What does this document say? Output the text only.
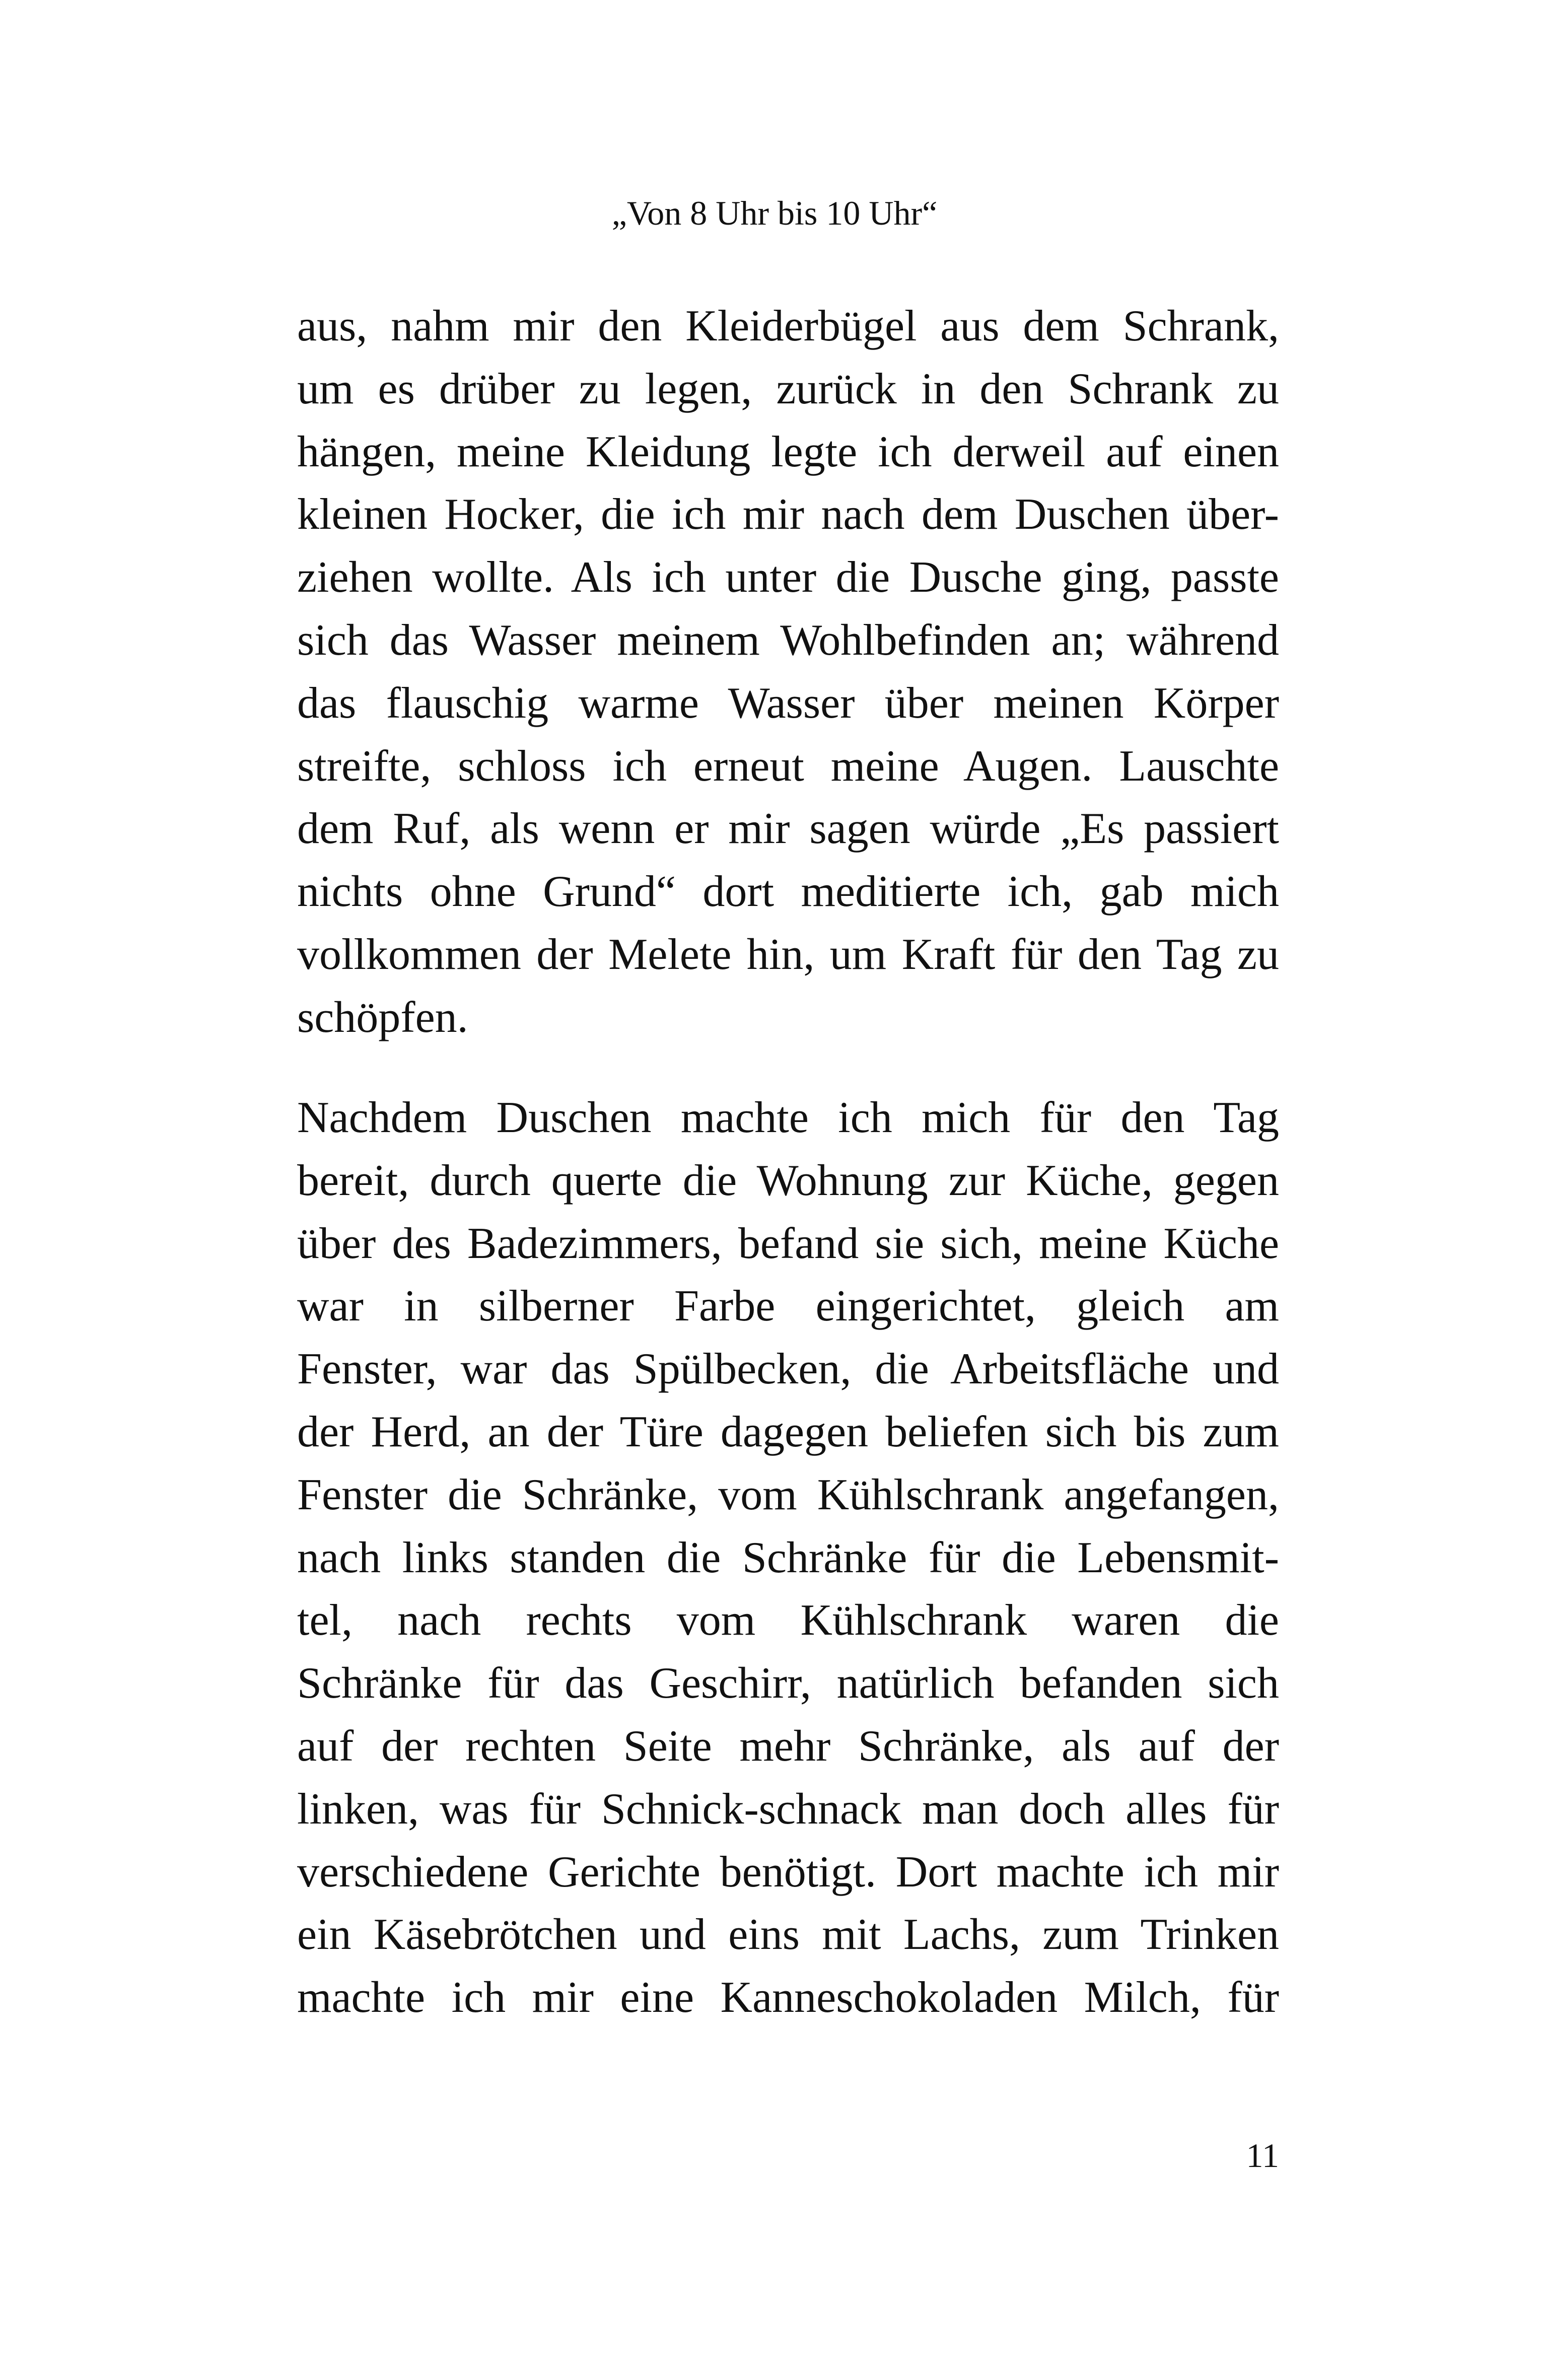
„Von 8 Uhr bis 10 Uhr“
aus, nahm mir den Kleiderbügel aus dem Schrank,
um es drüber zu legen, zurück in den Schrank zu
hängen, meine Kleidung legte ich derweil auf einen
kleinen Hocker, die ich mir nach dem Duschen über-
ziehen wollte. Als ich unter die Dusche ging, passte
sich das Wasser meinem Wohlbefinden an; während
das flauschig warme Wasser über meinen Körper
streifte, schloss ich erneut meine Augen. Lauschte
dem Ruf, als wenn er mir sagen würde „Es passiert
nichts ohne Grund“ dort meditierte ich, gab mich
vollkommen der Melete hin, um Kraft für den Tag zu
schöpfen.
Nachdem Duschen machte ich mich für den Tag
bereit, durch querte die Wohnung zur Küche, gegen
über des Badezimmers, befand sie sich, meine Küche
war in silberner Farbe eingerichtet, gleich am
Fenster, war das Spülbecken, die Arbeitsfläche und
der Herd, an der Türe dagegen beliefen sich bis zum
Fenster die Schränke, vom Kühlschrank angefangen,
nach links standen die Schränke für die Lebensmit-
tel, nach rechts vom Kühlschrank waren die
Schränke für das Geschirr, natürlich befanden sich
auf der rechten Seite mehr Schränke, als auf der
linken, was für Schnick-schnack man doch alles für
verschiedene Gerichte benötigt. Dort machte ich mir
ein Käsebrötchen und eins mit Lachs, zum Trinken
machte ich mir eine Kanneschokoladen Milch, für
11
